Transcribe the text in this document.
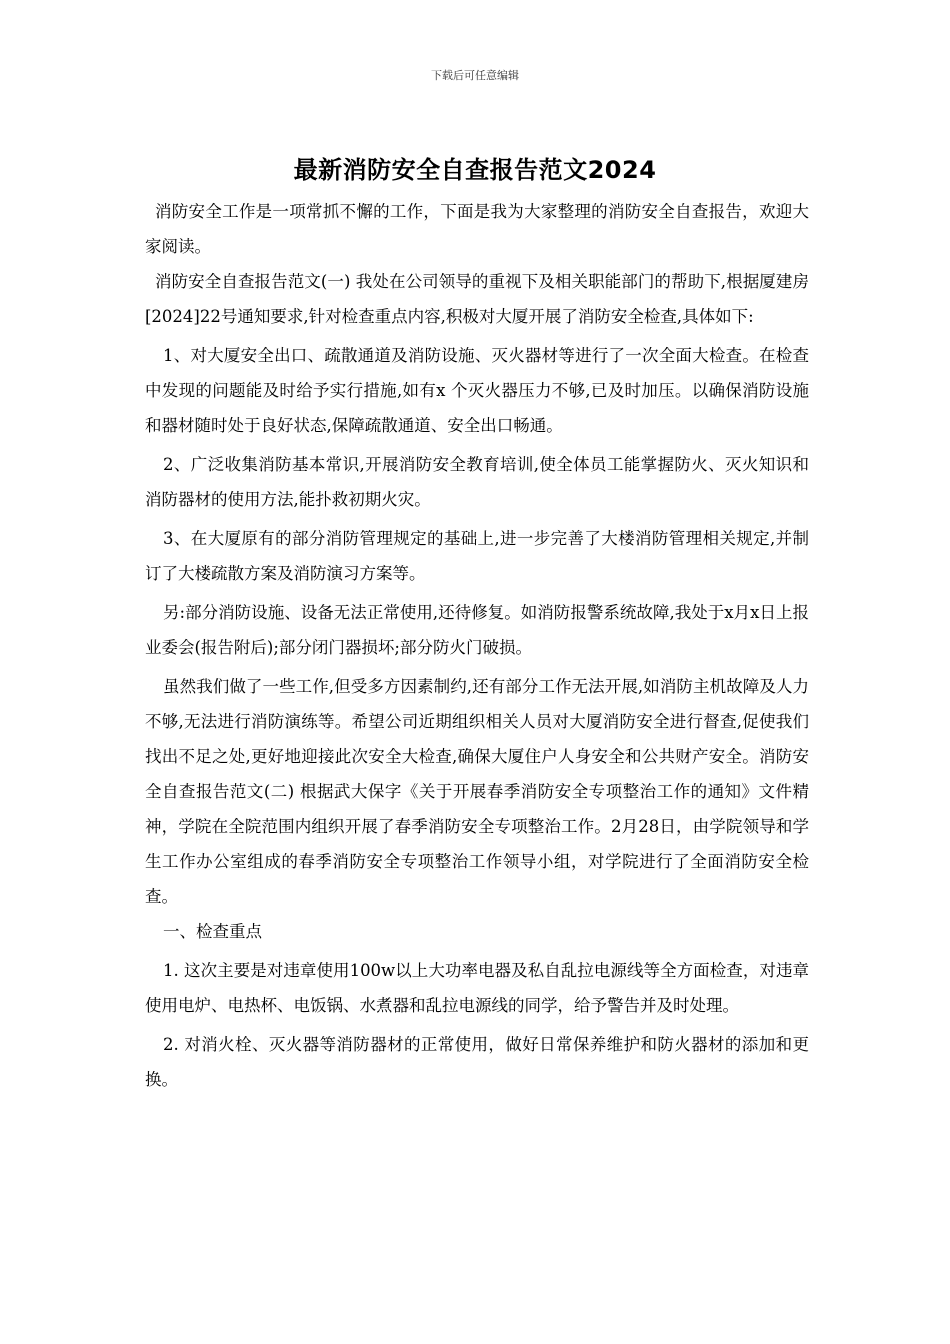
下载后可任意编辑
最新消防安全自查报告范文2024

消防安全工作是一项常抓不懈的工作，下面是我为大家整理的消防安全自查报告，欢迎大家阅读。

消防安全自查报告范文(一) 我处在公司领导的重视下及相关职能部门的帮助下,根据厦建房[2024]22号通知要求,针对检查重点内容,积极对大厦开展了消防安全检查,具体如下:

1、对大厦安全出口、疏散通道及消防设施、灭火器材等进行了一次全面大检查。在检查中发现的问题能及时给予实行措施,如有x 个灭火器压力不够,已及时加压。以确保消防设施和器材随时处于良好状态,保障疏散通道、安全出口畅通。

2、广泛收集消防基本常识,开展消防安全教育培训,使全体员工能掌握防火、灭火知识和消防器材的使用方法,能扑救初期火灾。

3、在大厦原有的部分消防管理规定的基础上,进一步完善了大楼消防管理相关规定,并制订了大楼疏散方案及消防演习方案等。

另:部分消防设施、设备无法正常使用,还待修复。如消防报警系统故障,我处于x月x日上报业委会(报告附后);部分闭门器损坏;部分防火门破损。

虽然我们做了一些工作,但受多方因素制约,还有部分工作无法开展,如消防主机故障及人力不够,无法进行消防演练等。希望公司近期组织相关人员对大厦消防安全进行督查,促使我们找出不足之处,更好地迎接此次安全大检查,确保大厦住户人身安全和公共财产安全。消防安全自查报告范文(二) 根据武大保字《关于开展春季消防安全专项整治工作的通知》文件精神，学院在全院范围内组织开展了春季消防安全专项整治工作。2月28日，由学院领导和学生工作办公室组成的春季消防安全专项整治工作领导小组，对学院进行了全面消防安全检查。

一、检查重点

1. 这次主要是对违章使用100w以上大功率电器及私自乱拉电源线等全方面检查，对违章使用电炉、电热杯、电饭锅、水煮器和乱拉电源线的同学，给予警告并及时处理。

2. 对消火栓、灭火器等消防器材的正常使用，做好日常保养维护和防火器材的添加和更换。
